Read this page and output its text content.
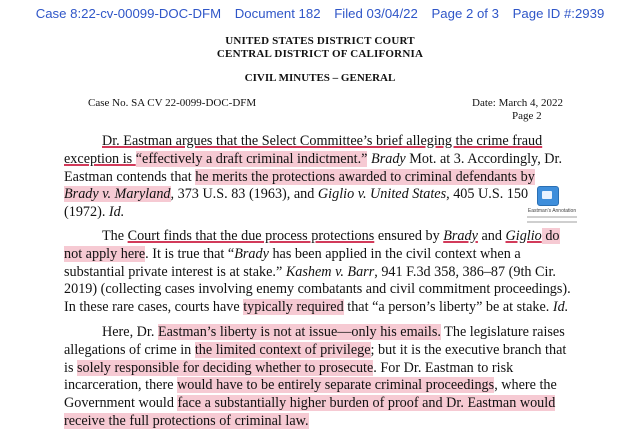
Case 8:22-cv-00099-DOC-DFM Document 182 Filed 03/04/22 Page 2 of 3 Page ID #:2939
UNITED STATES DISTRICT COURT
CENTRAL DISTRICT OF CALIFORNIA
CIVIL MINUTES – GENERAL
Case No. SA CV 22-0099-DOC-DFM	Date: March 4, 2022
Page 2
Eastman's Annotation
Dr. Eastman argues that the Select Committee’s brief alleging the crime fraud
exception is “effectively a draft criminal indictment.” Brady Mot. at 3. Accordingly, Dr.
Eastman contends that he merits the protections awarded to criminal defendants by
Brady v. Maryland, 373 U.S. 83 (1963), and Giglio v. United States, 405 U.S. 150
(1972). Id.
The Court finds that the due process protections ensured by Brady and Giglio do
not apply here. It is true that “Brady has been applied in the civil context when a
substantial private interest is at stake.” Kashem v. Barr, 941 F.3d 358, 386–87 (9th Cir.
2019) (collecting cases involving enemy combatants and civil commitment proceedings).
In these rare cases, courts have typically required that “a person’s liberty” be at stake. Id.
Here, Dr. Eastman’s liberty is not at issue—only his emails. The legislature raises
allegations of crime in the limited context of privilege; but it is the executive branch that
is solely responsible for deciding whether to prosecute. For Dr. Eastman to risk
incarceration, there would have to be entirely separate criminal proceedings, where the
Government would face a substantially higher burden of proof and Dr. Eastman would
receive the full protections of criminal law.
